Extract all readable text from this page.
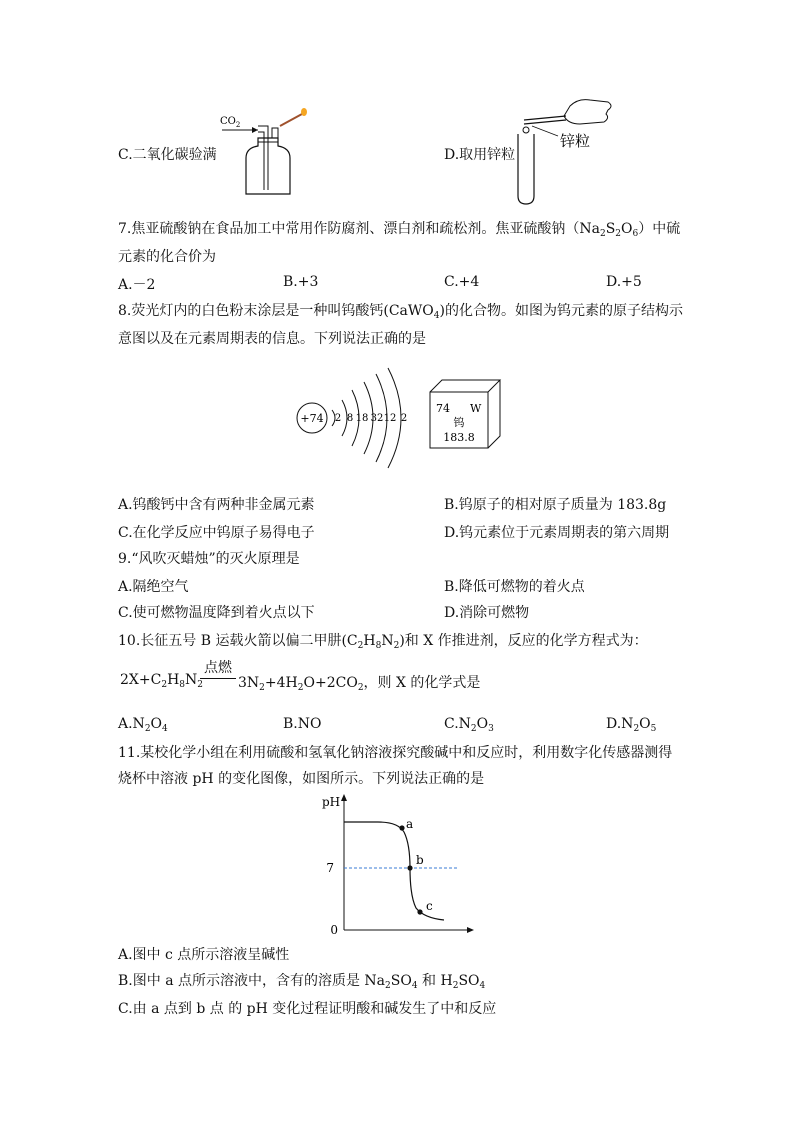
C.二氧化碳验满
$CO_2$
D.取用锌粒
锌粒
7.焦亚硫酸钠在食品加工中常用作防腐剂、漂白剂和疏松剂。焦亚硫酸钠$(Na_2S_2O_6)$中硫
元素的化合价为
A.－2	B.+3	C.+4	D.+5
8.荧光灯内的白色粉末涂层是一种叫钨酸钙(CaWO$_4$)的化合物。如图为钨元素的原子结构示
意图以及在元素周期表的信息。下列说法正确的是
+74 2 8 18 32 12 2
74 W
钨
183.8
A.钨酸钙中含有两种非金属元素	B.钨原子的相对原子质量为 183.8g
C.在化学反应中钨原子易得电子	D.钨元素位于元素周期表的第六周期
9.“风吹灭蜡烛”的灭火原理是
A.隔绝空气	B.降低可燃物的着火点
C.使可燃物温度降到着火点以下	D.消除可燃物
10.长征五号 B 运载火箭以偏二甲肼$(C_2H_8N_2)$和 X 作推进剂，反应的化学方程式为：
$2X+C_2H_8N_2$
点燃
$3N_2+4H_2O+2CO_2$，则 X 的化学式是
$A.N_2O_4$	B.NO	$C.N_2O_3$	$D.N_2O_5$
11.某校化学小组在利用硫酸和氢氧化钠溶液探究酸碱中和反应时，利用数字化传感器测得
烧杯中溶液 pH 的变化图像，如图所示。下列说法正确的是
pH
7
0
a
b
c
A.图中 c 点所示溶液呈碱性
B.图中 a 点所示溶液中，含有的溶质是 $Na_2SO_4$ 和 $H_2SO_4$
C.由 a 点到 b 点 的 pH 变化过程证明酸和碱发生了中和反应
